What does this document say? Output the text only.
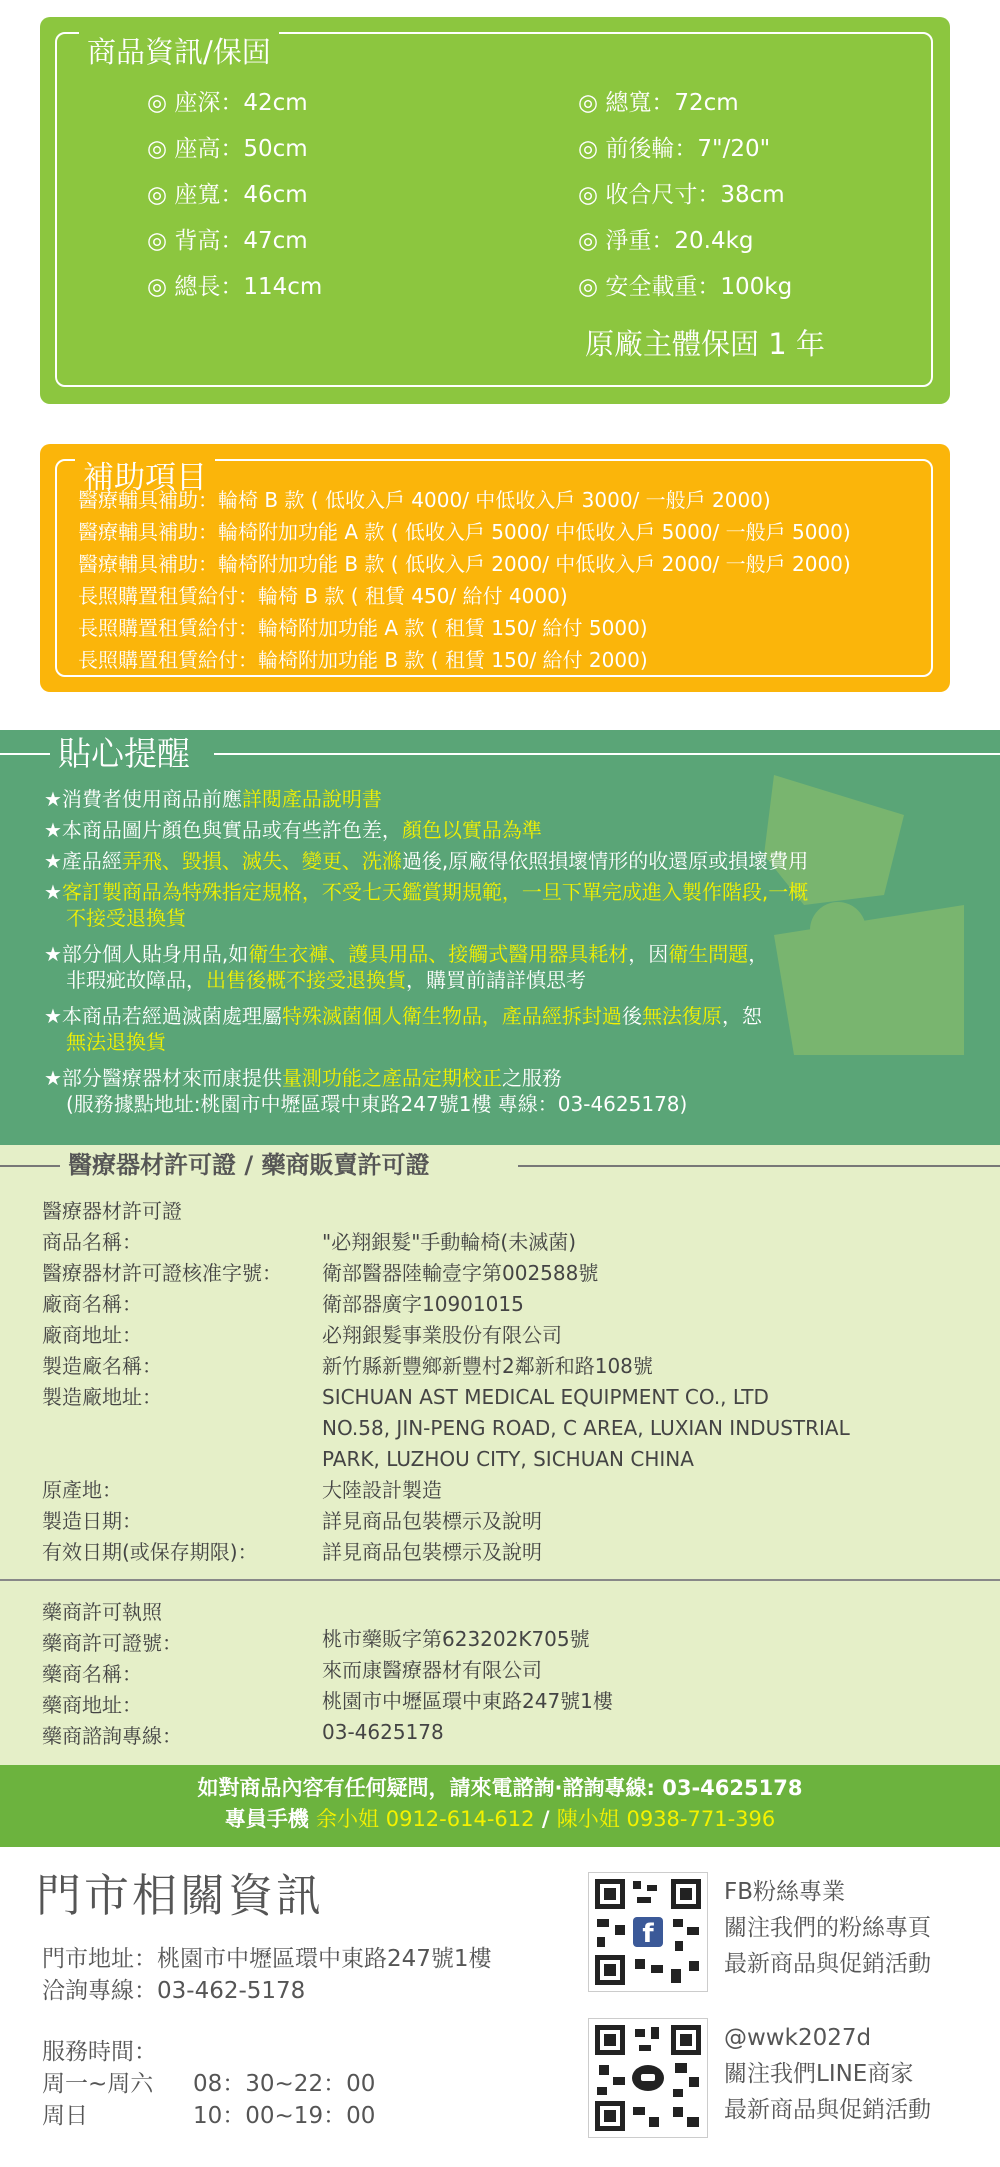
商品資訊/保固
◎ 座深：42cm
◎ 座高：50cm
◎ 座寬：46cm
◎ 背高：47cm
◎ 總長：114cm
◎ 總寬：72cm
◎ 前後輪：7"/20"
◎ 收合尺寸：38cm
◎ 淨重：20.4kg
◎ 安全載重：100kg
原廠主體保固 1 年
補助項目
醫療輔具補助：輪椅 B 款 ( 低收入戶 4000/ 中低收入戶 3000/ 一般戶 2000)
醫療輔具補助：輪椅附加功能 A 款 ( 低收入戶 5000/ 中低收入戶 5000/ 一般戶 5000)
醫療輔具補助：輪椅附加功能 B 款 ( 低收入戶 2000/ 中低收入戶 2000/ 一般戶 2000)
長照購置租賃給付：輪椅 B 款 ( 租賃 450/ 給付 4000)
長照購置租賃給付：輪椅附加功能 A 款 ( 租賃 150/ 給付 5000)
長照購置租賃給付：輪椅附加功能 B 款 ( 租賃 150/ 給付 2000)
貼心提醒
★消費者使用商品前應詳閱產品說明書
★本商品圖片顏色與實品或有些許色差，顏色以實品為準
★產品經弄飛、毀損、滅失、變更、洗滌過後,原廠得依照損壞情形的收還原或損壞費用
★客訂製商品為特殊指定規格，不受七天鑑賞期規範，一旦下單完成進入製作階段,一概
不接受退換貨
★部分個人貼身用品,如衛生衣褲、護具用品、接觸式醫用器具耗材，因衛生問題，
非瑕疵故障品，出售後概不接受退換貨，購買前請詳慎思考
★本商品若經過滅菌處理屬特殊滅菌個人衛生物品，產品經拆封過後無法復原，恕
無法退換貨
★部分醫療器材來而康提供量測功能之產品定期校正之服務
(服務據點地址:桃園市中壢區環中東路247號1樓 專線：03-4625178)
醫療器材許可證 / 藥商販賣許可證
醫療器材許可證
商品名稱：	"必翔銀髮"手動輪椅(未滅菌)
醫療器材許可證核准字號： 衛部醫器陸輸壹字第002588號
廠商名稱：	衛部器廣字10901015
廠商地址：	必翔銀髮事業股份有限公司
製造廠名稱：	新竹縣新豐鄉新豐村2鄰新和路108號
製造廠地址：	SICHUAN AST MEDICAL EQUIPMENT CO., LTD
NO.58, JIN-PENG ROAD, C AREA, LUXIAN INDUSTRIAL
PARK, LUZHOU CITY, SICHUAN CHINA
原產地：	大陸設計製造
製造日期：	詳見商品包裝標示及說明
有效日期(或保存期限)：	詳見商品包裝標示及說明
藥商許可執照
藥商許可證號：	桃市藥販字第623202K705號
藥商名稱：	來而康醫療器材有限公司
藥商地址：	桃園市中壢區環中東路247號1樓
藥商諮詢專線：	03-4625178
如對商品內容有任何疑問，請來電諮詢·諮詢專線: 03-4625178
專員手機 余小姐 0912-614-612 / 陳小姐 0938-771-396
門市相關資訊
門市地址：桃園市中壢區環中東路247號1樓
洽詢專線：03-462-5178
服務時間：
周一~周六 08：30~22：00
周日	10：00~19：00
f
FB粉絲專業
關注我們的粉絲專頁
最新商品與促銷活動
@wwk2027d
關注我們LINE商家
最新商品與促銷活動
